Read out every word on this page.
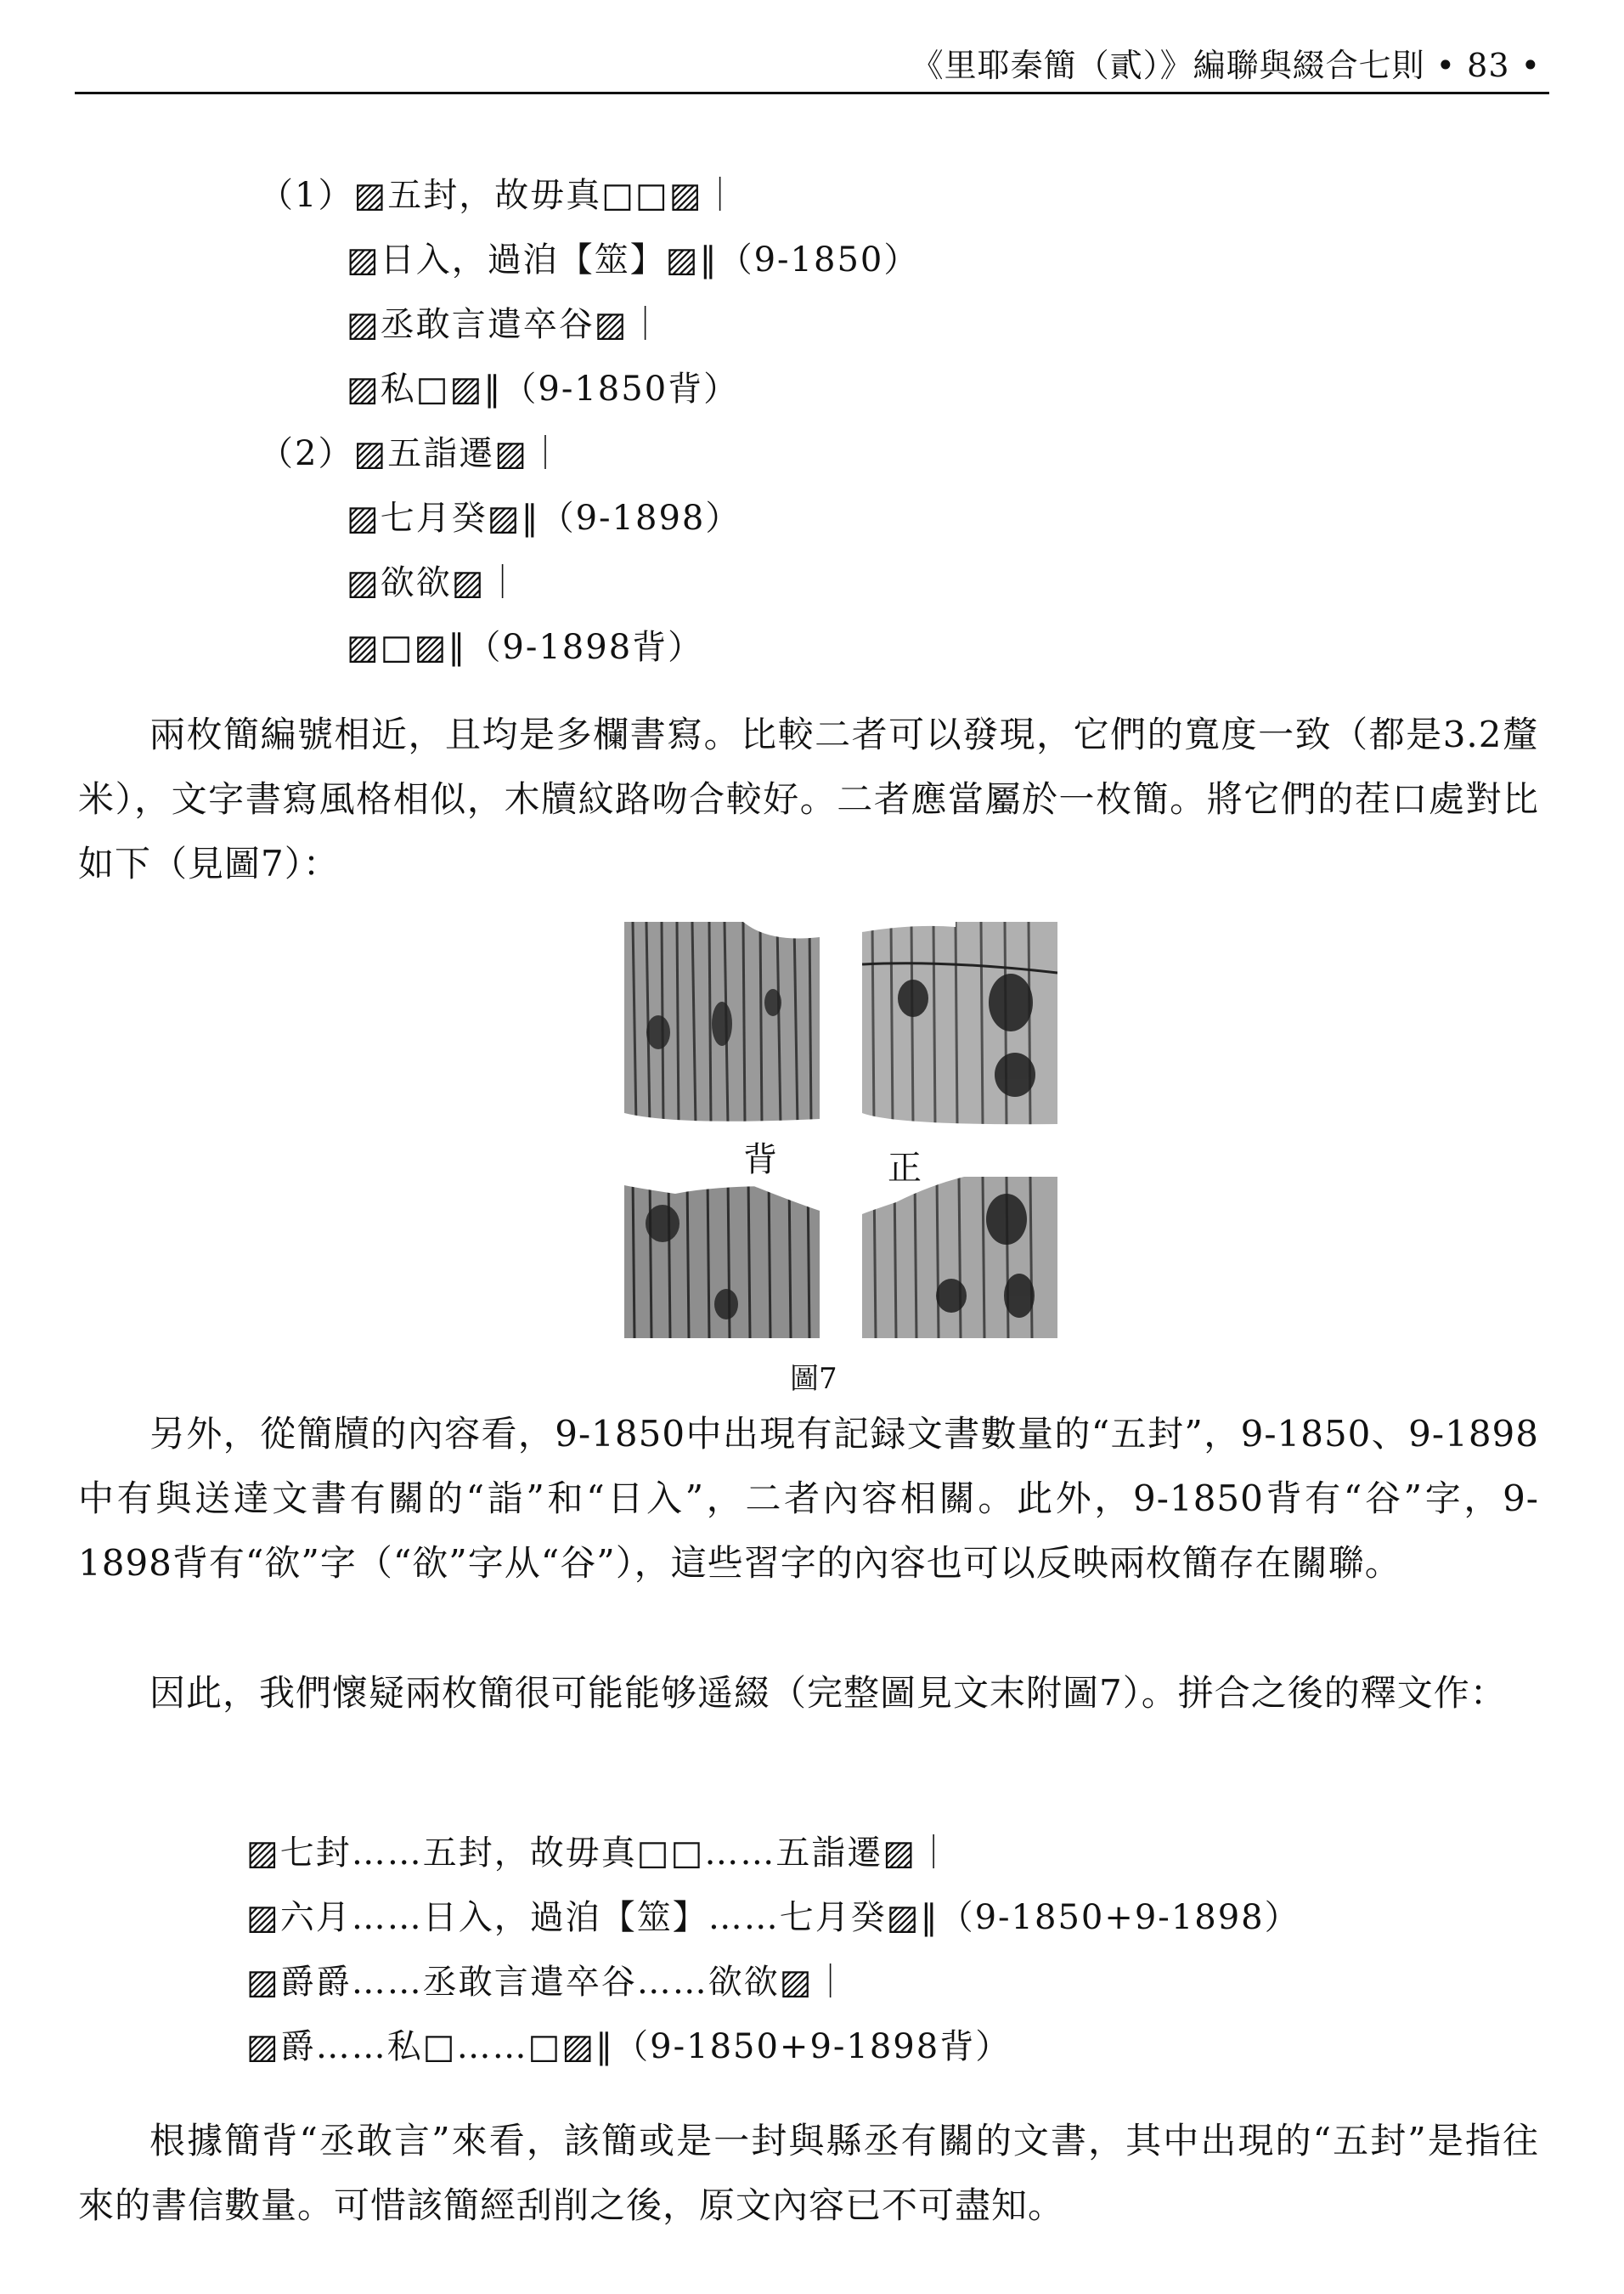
《里耶秦簡（貳）》編聯與綴合七則 • 83 •
（1）▨五封，故毋真□□▨｜
▨日入，過洎【筮】▨‖（9-1850）
▨丞敢言遣卒谷▨｜
▨私□▨‖（9-1850背）
（2）▨五詣遷▨｜
▨七月癸▨‖（9-1898）
▨欲欲▨｜
▨□▨‖（9-1898背）

兩枚簡編號相近，且均是多欄書寫。比較二者可以發現，它們的寬度一致（都是3.2釐米），文字書寫風格相似，木牘紋路吻合較好。二者應當屬於一枚簡。將它們的茬口處對比如下（見圖7）：

背	正
圖7

另外，從簡牘的內容看，9-1850中出現有記録文書數量的“五封”，9-1850、9-1898中有與送達文書有關的“詣”和“日入”，二者內容相關。此外，9-1850背有“谷”字，9-1898背有“欲”字（“欲”字从“谷”），這些習字的內容也可以反映兩枚簡存在關聯。

因此，我們懷疑兩枚簡很可能能够遥綴（完整圖見文末附圖7）。拼合之後的釋文作：

▨七封……五封，故毋真□□……五詣遷▨｜
▨六月……日入，過洎【筮】……七月癸▨‖（9-1850+9-1898）
▨爵爵……丞敢言遣卒谷……欲欲▨｜
▨爵……私□……□▨‖（9-1850+9-1898背）

根據簡背“丞敢言”來看，該簡或是一封與縣丞有關的文書，其中出現的“五封”是指往來的書信數量。可惜該簡經刮削之後，原文內容已不可盡知。
